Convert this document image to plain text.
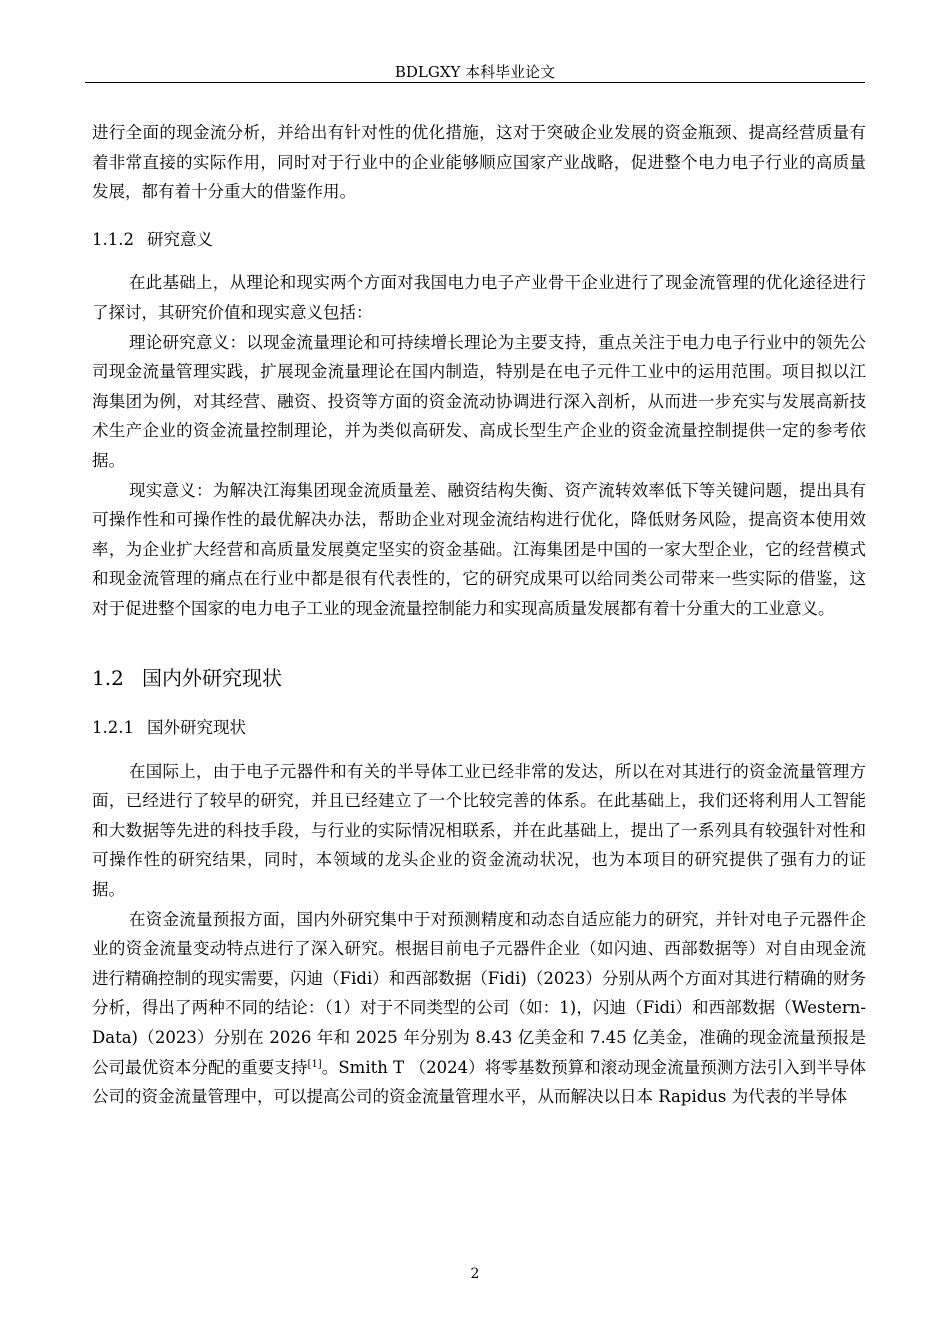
BDLGXY 本科毕业论文

进行全面的现金流分析，并给出有针对性的优化措施，这对于突破企业发展的资金瓶颈、提高经营质量有着非常直接的实际作用，同时对于行业中的企业能够顺应国家产业战略，促进整个电力电子行业的高质量发展，都有着十分重大的借鉴作用。

1.1.2 研究意义

在此基础上，从理论和现实两个方面对我国电力电子产业骨干企业进行了现金流管理的优化途径进行了探讨，其研究价值和现实意义包括：

理论研究意义：以现金流量理论和可持续增长理论为主要支持，重点关注于电力电子行业中的领先公司现金流量管理实践，扩展现金流量理论在国内制造，特别是在电子元件工业中的运用范围。项目拟以江海集团为例，对其经营、融资、投资等方面的资金流动协调进行深入剖析，从而进一步充实与发展高新技术生产企业的资金流量控制理论，并为类似高研发、高成长型生产企业的资金流量控制提供一定的参考依据。

现实意义：为解决江海集团现金流质量差、融资结构失衡、资产流转效率低下等关键问题，提出具有可操作性和可操作性的最优解决办法，帮助企业对现金流结构进行优化，降低财务风险，提高资本使用效率，为企业扩大经营和高质量发展奠定坚实的资金基础。江海集团是中国的一家大型企业，它的经营模式和现金流管理的痛点在行业中都是很有代表性的，它的研究成果可以给同类公司带来一些实际的借鉴，这对于促进整个国家的电力电子工业的现金流量控制能力和实现高质量发展都有着十分重大的工业意义。

1.2 国内外研究现状

1.2.1 国外研究现状

在国际上，由于电子元器件和有关的半导体工业已经非常的发达，所以在对其进行的资金流量管理方面，已经进行了较早的研究，并且已经建立了一个比较完善的体系。在此基础上，我们还将利用人工智能和大数据等先进的科技手段，与行业的实际情况相联系，并在此基础上，提出了一系列具有较强针对性和可操作性的研究结果，同时，本领域的龙头企业的资金流动状况，也为本项目的研究提供了强有力的证据。

在资金流量预报方面，国内外研究集中于对预测精度和动态自适应能力的研究，并针对电子元器件企业的资金流量变动特点进行了深入研究。根据目前电子元器件企业（如闪迪、西部数据等）对自由现金流进行精确控制的现实需要，闪迪（Fidi）和西部数据（Fidi)（2023）分别从两个方面对其进行精确的财务分析，得出了两种不同的结论：（1）对于不同类型的公司（如：1)，闪迪（Fidi）和西部数据（Western-Data)（2023）分别在 2026 年和 2025 年分别为 8.43 亿美金和 7.45 亿美金，准确的现金流量预报是公司最优资本分配的重要支持[1]。Smith T （2024）将零基数预算和滚动现金流量预测方法引入到半导体公司的资金流量管理中，可以提高公司的资金流量管理水平，从而解决以日本 Rapidus 为代表的半导体

2
